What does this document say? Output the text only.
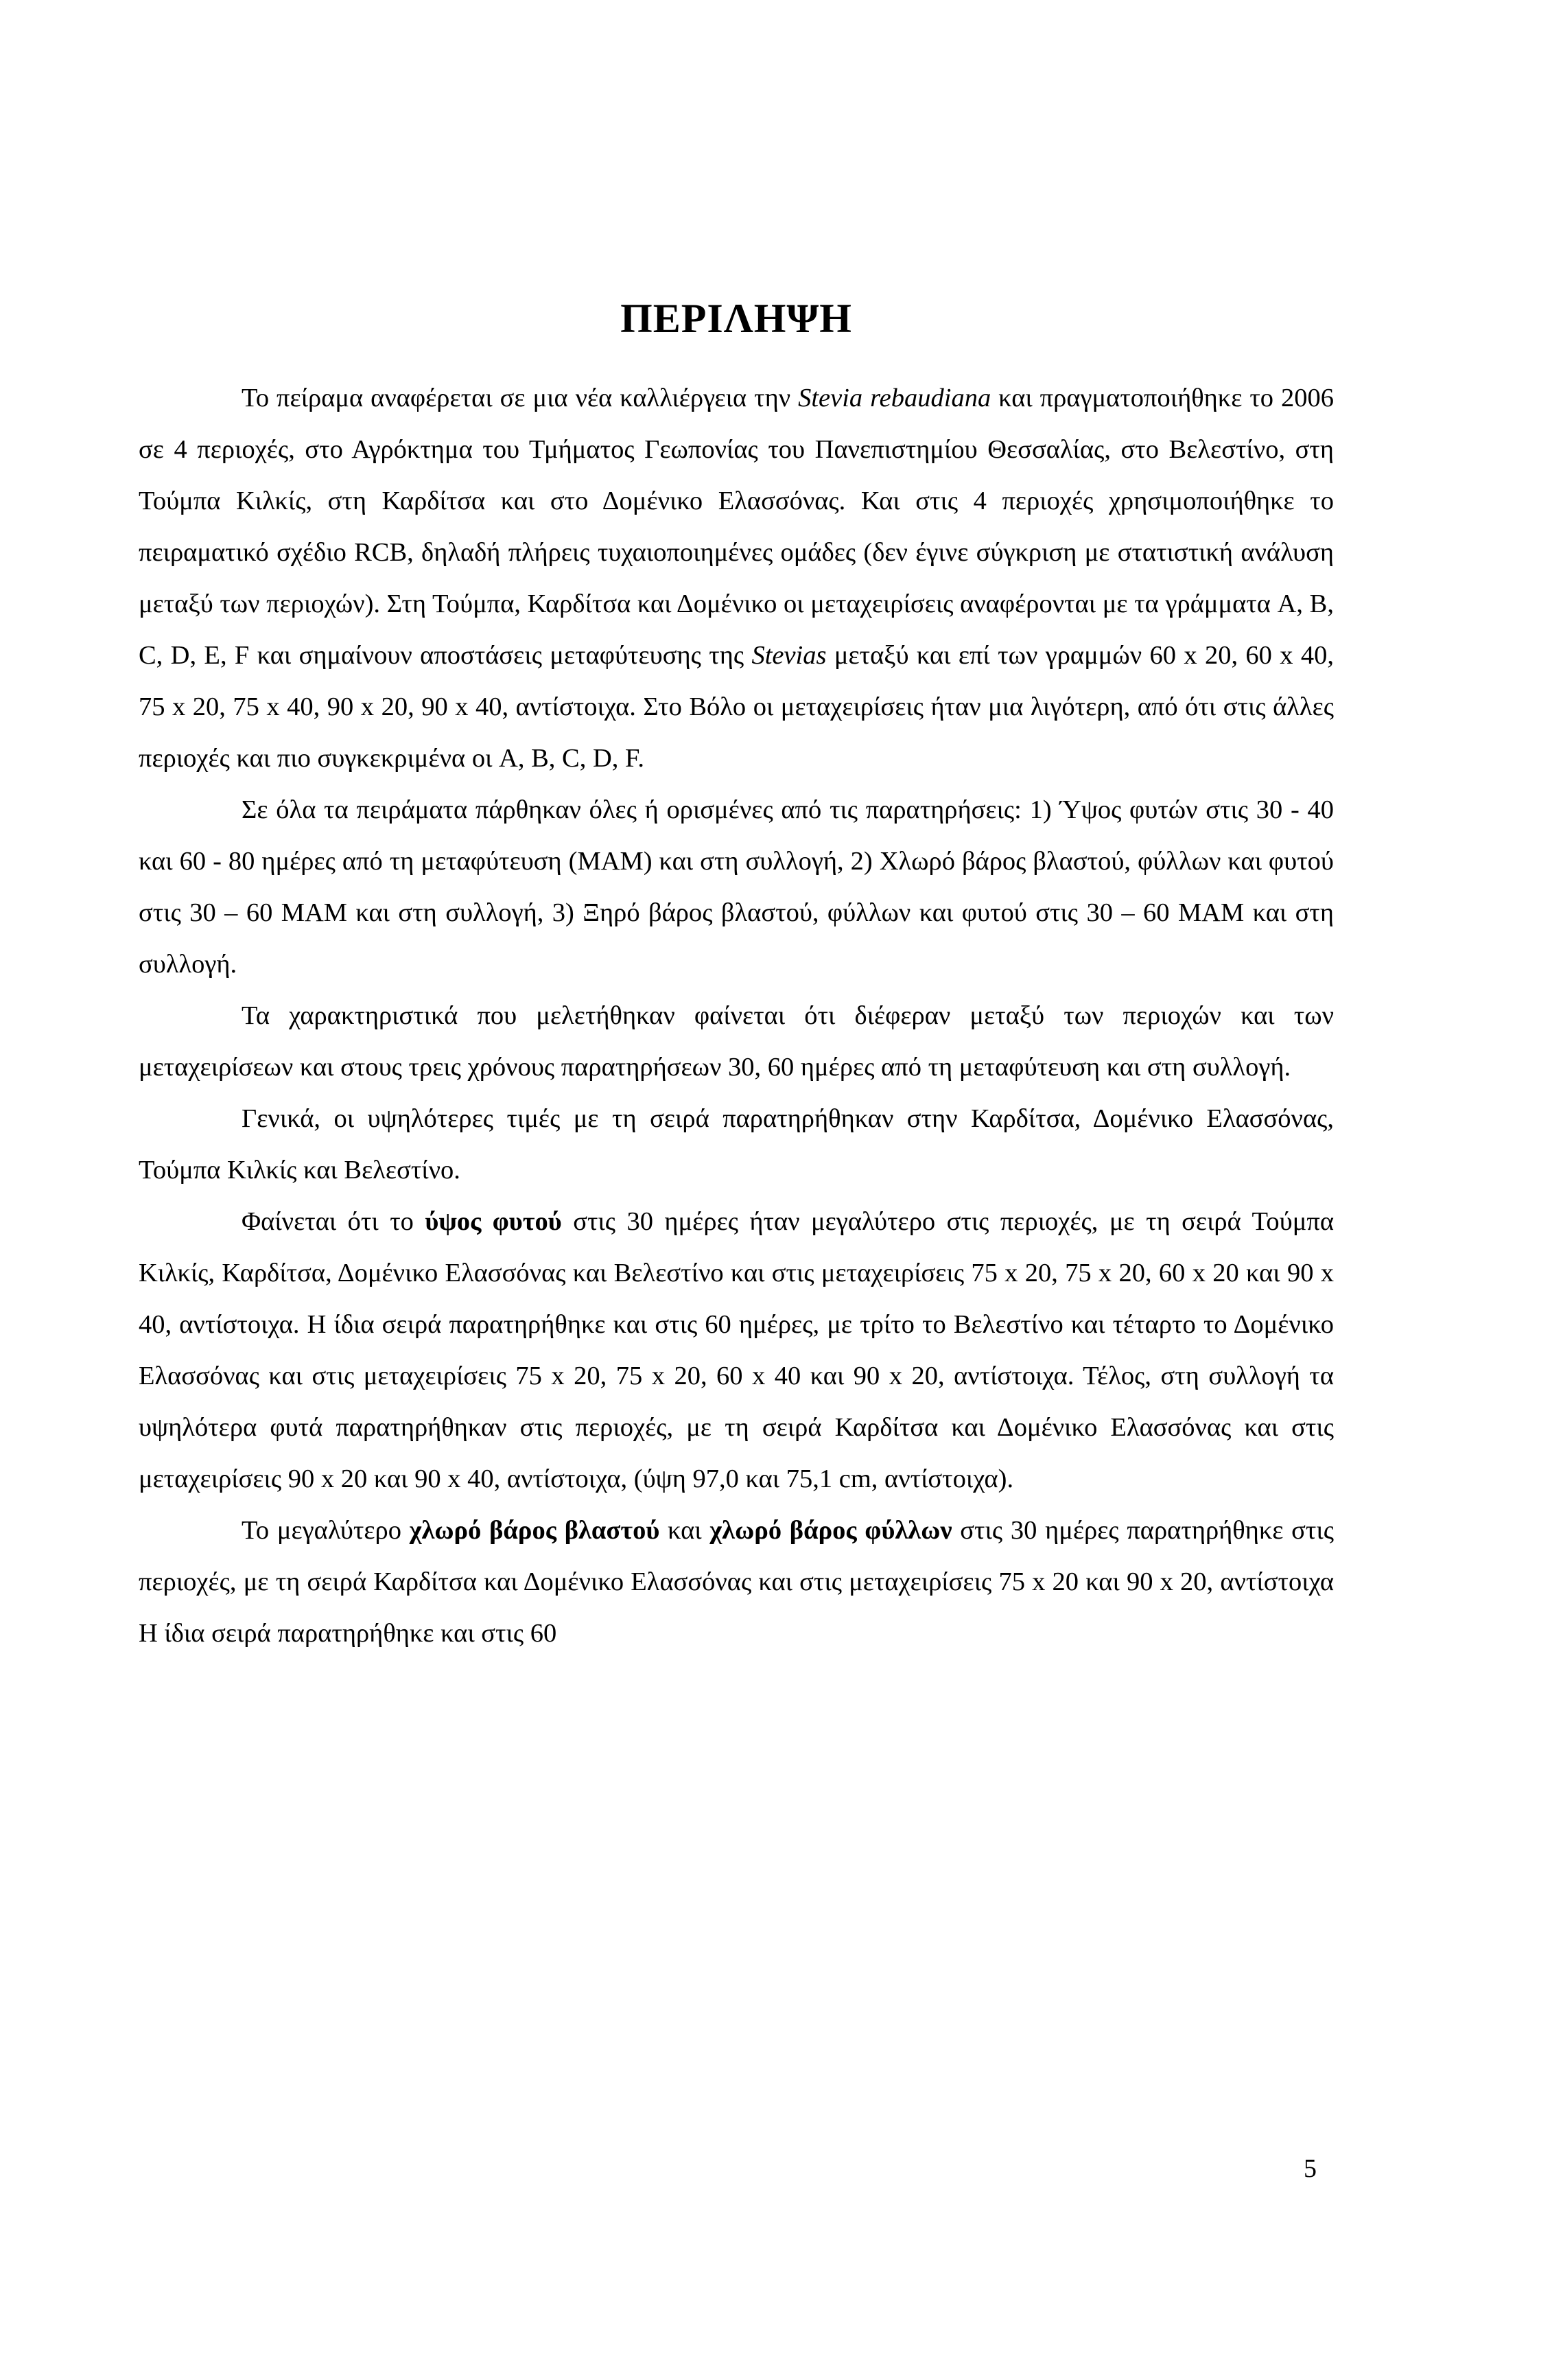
ΠΕΡΙΛΗΨΗ

Το πείραμα αναφέρεται σε μια νέα καλλιέργεια την Stevia rebaudiana και πραγματοποιήθηκε το 2006 σε 4 περιοχές, στο Αγρόκτημα του Τμήματος Γεωπονίας του Πανεπιστημίου Θεσσαλίας, στο Βελεστίνο, στη Τούμπα Κιλκίς, στη Καρδίτσα και στο Δομένικο Ελασσόνας. Και στις 4 περιοχές χρησιμοποιήθηκε το πειραματικό σχέδιο RCB, δηλαδή πλήρεις τυχαιοποιημένες ομάδες (δεν έγινε σύγκριση με στατιστική ανάλυση μεταξύ των περιοχών). Στη Τούμπα, Καρδίτσα και Δομένικο οι μεταχειρίσεις αναφέρονται με τα γράμματα A, B, C, D, E, F και σημαίνουν αποστάσεις μεταφύτευσης της Stevias μεταξύ και επί των γραμμών 60 x 20, 60 x 40, 75 x 20, 75 x 40, 90 x 20, 90 x 40, αντίστοιχα. Στο Βόλο οι μεταχειρίσεις ήταν μια λιγότερη, από ότι στις άλλες περιοχές και πιο συγκεκριμένα οι A, B, C, D, F.

Σε όλα τα πειράματα πάρθηκαν όλες ή ορισμένες από τις παρατηρήσεις: 1) Ύψος φυτών στις 30 - 40 και 60 - 80 ημέρες από τη μεταφύτευση (ΜΑΜ) και στη συλλογή, 2) Χλωρό βάρος βλαστού, φύλλων και φυτού στις 30 – 60 ΜΑΜ και στη συλλογή, 3) Ξηρό βάρος βλαστού, φύλλων και φυτού στις 30 – 60 ΜΑΜ και στη συλλογή.

Τα χαρακτηριστικά που μελετήθηκαν φαίνεται ότι διέφεραν μεταξύ των περιοχών και των μεταχειρίσεων και στους τρεις χρόνους παρατηρήσεων 30, 60 ημέρες από τη μεταφύτευση και στη συλλογή.

Γενικά, οι υψηλότερες τιμές με τη σειρά παρατηρήθηκαν στην Καρδίτσα, Δομένικο Ελασσόνας, Τούμπα Κιλκίς και Βελεστίνο.

Φαίνεται ότι το ύψος φυτού στις 30 ημέρες ήταν μεγαλύτερο στις περιοχές, με τη σειρά Τούμπα Κιλκίς, Καρδίτσα, Δομένικο Ελασσόνας και Βελεστίνο και στις μεταχειρίσεις 75 x 20, 75 x 20, 60 x 20 και 90 x 40, αντίστοιχα. Η ίδια σειρά παρατηρήθηκε και στις 60 ημέρες, με τρίτο το Βελεστίνο και τέταρτο το Δομένικο Ελασσόνας και στις μεταχειρίσεις 75 x 20, 75 x 20, 60 x 40 και 90 x 20, αντίστοιχα. Τέλος, στη συλλογή τα υψηλότερα φυτά παρατηρήθηκαν στις περιοχές, με τη σειρά Καρδίτσα και Δομένικο Ελασσόνας και στις μεταχειρίσεις 90 x 20 και 90 x 40, αντίστοιχα, (ύψη 97,0 και 75,1 cm, αντίστοιχα).

Το μεγαλύτερο χλωρό βάρος βλαστού και χλωρό βάρος φύλλων στις 30 ημέρες παρατηρήθηκε στις περιοχές, με τη σειρά Καρδίτσα και Δομένικο Ελασσόνας και στις μεταχειρίσεις 75 x 20 και 90 x 20, αντίστοιχα Η ίδια σειρά παρατηρήθηκε και στις 60

5
